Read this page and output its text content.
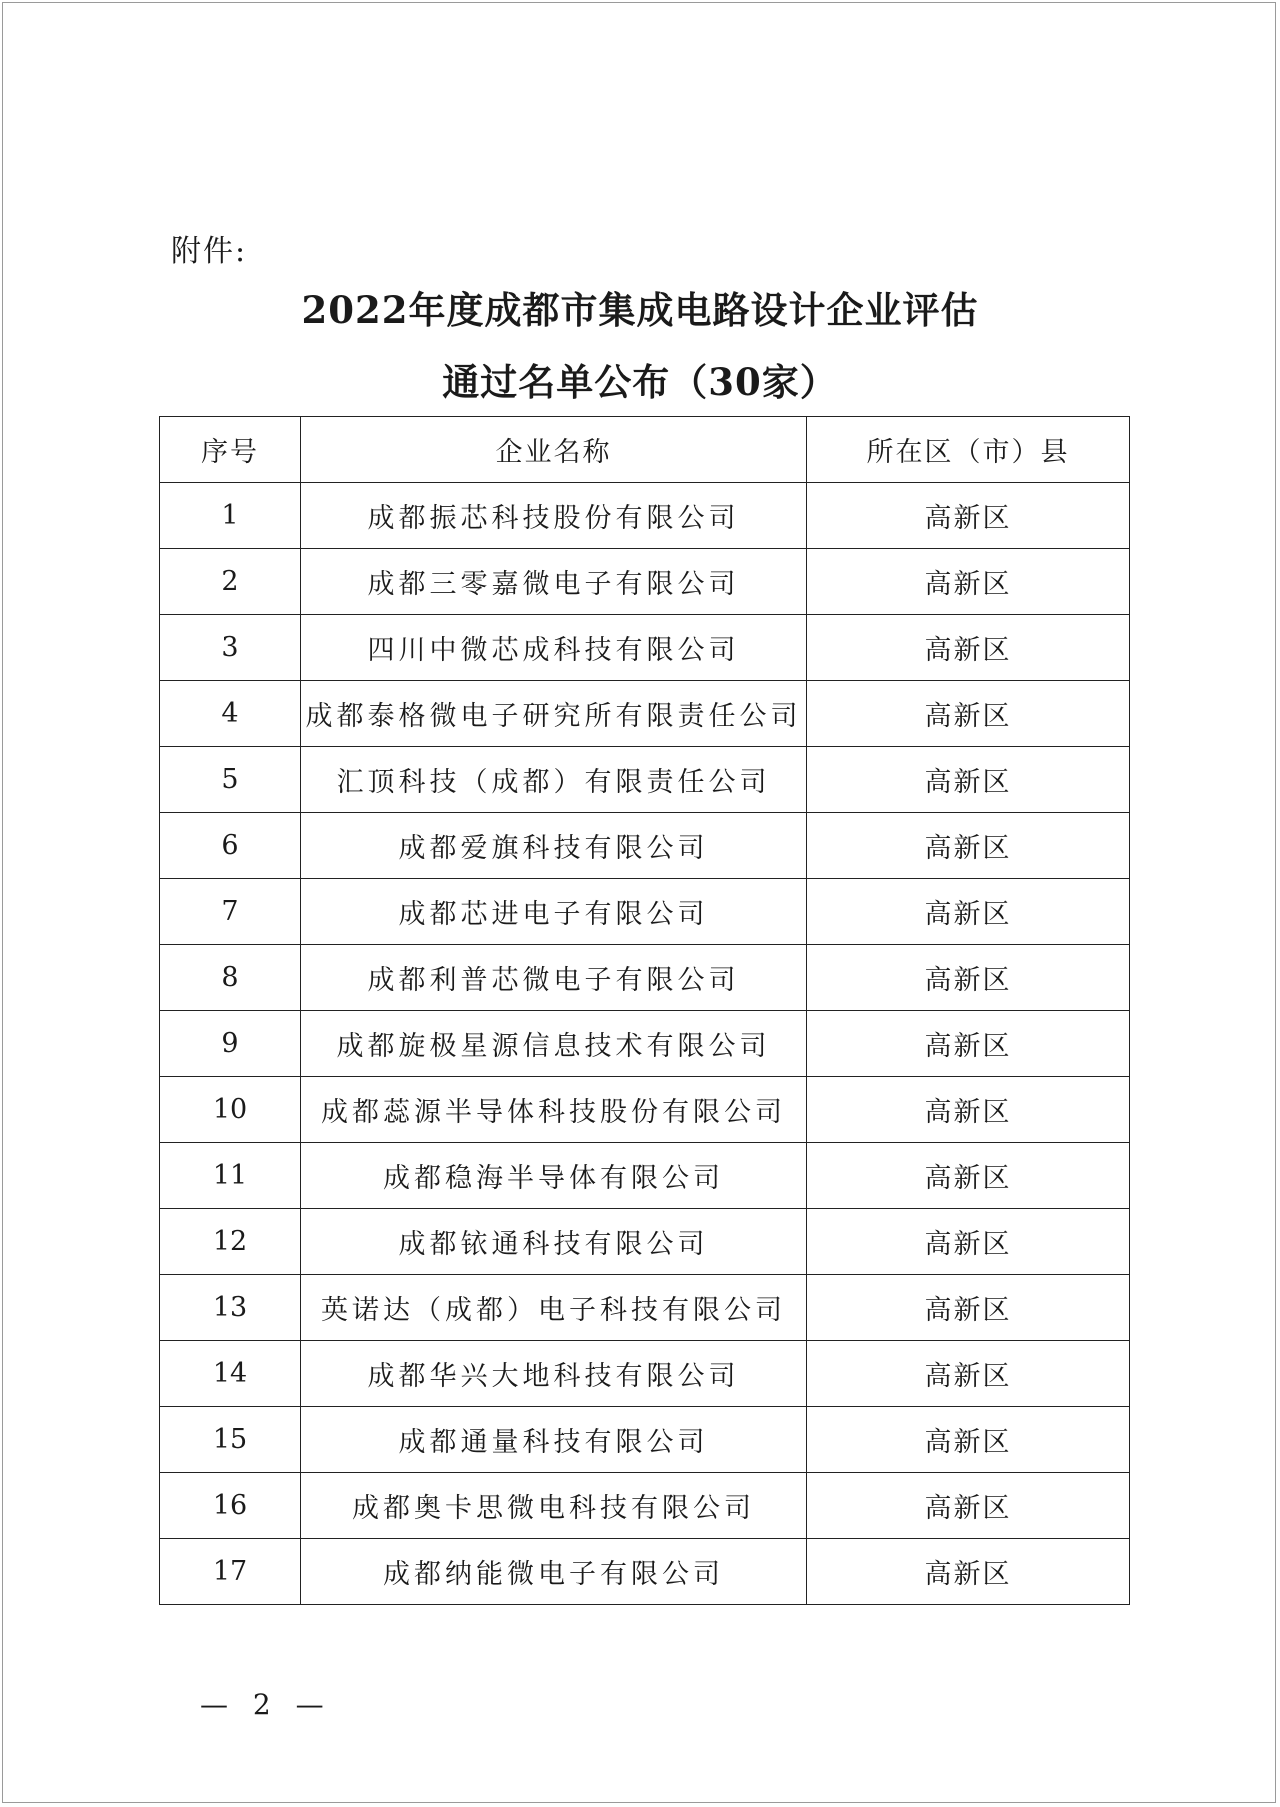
附件:
2022年度成都市集成电路设计企业评估
通过名单公布（30家）
序号	企业名称	所在区（市）县
1	成都振芯科技股份有限公司	高新区
2	成都三零嘉微电子有限公司	高新区
3	四川中微芯成科技有限公司	高新区
4	成都泰格微电子研究所有限责任公司	高新区
5	汇顶科技（成都）有限责任公司	高新区
6	成都爱旗科技有限公司	高新区
7	成都芯进电子有限公司	高新区
8	成都利普芯微电子有限公司	高新区
9	成都旋极星源信息技术有限公司	高新区
10	成都蕊源半导体科技股份有限公司	高新区
11	成都稳海半导体有限公司	高新区
12	成都铱通科技有限公司	高新区
13	英诺达（成都）电子科技有限公司	高新区
14	成都华兴大地科技有限公司	高新区
15	成都通量科技有限公司	高新区
16	成都奥卡思微电科技有限公司	高新区
17	成都纳能微电子有限公司	高新区
— 2 —
